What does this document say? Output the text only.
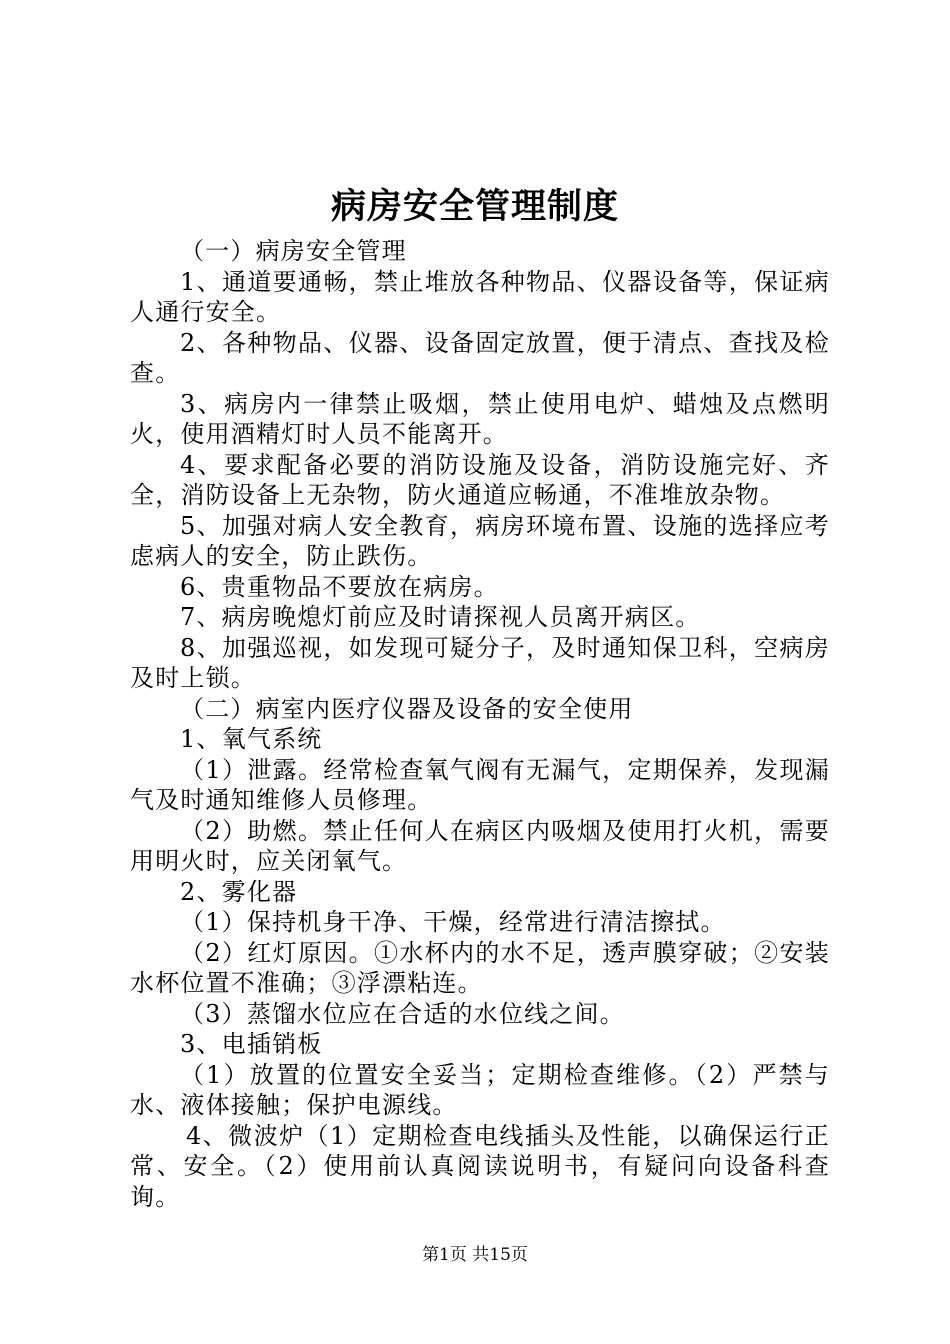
病房安全管理制度

（一）病房安全管理

1、通道要通畅，禁止堆放各种物品、仪器设备等，保证病人通行安全。

2、各种物品、仪器、设备固定放置，便于清点、查找及检查。

3、病房内一律禁止吸烟，禁止使用电炉、蜡烛及点燃明火，使用酒精灯时人员不能离开。

4、要求配备必要的消防设施及设备，消防设施完好、齐全，消防设备上无杂物，防火通道应畅通，不准堆放杂物。

5、加强对病人安全教育，病房环境布置、设施的选择应考虑病人的安全，防止跌伤。

6、贵重物品不要放在病房。

7、病房晚熄灯前应及时请探视人员离开病区。

8、加强巡视，如发现可疑分子，及时通知保卫科，空病房及时上锁。

（二）病室内医疗仪器及设备的安全使用

1、氧气系统

（1）泄露。经常检查氧气阀有无漏气，定期保养，发现漏气及时通知维修人员修理。

（2）助燃。禁止任何人在病区内吸烟及使用打火机，需要用明火时，应关闭氧气。

2、雾化器

（1）保持机身干净、干燥，经常进行清洁擦拭。

（2）红灯原因。①水杯内的水不足，透声膜穿破；②安装水杯位置不准确；③浮漂粘连。

（3）蒸馏水位应在合适的水位线之间。

3、电插销板

（1）放置的位置安全妥当；定期检查维修。（2）严禁与水、液体接触；保护电源线。

4、微波炉（1）定期检查电线插头及性能，以确保运行正常、安全。（2）使用前认真阅读说明书，有疑问向设备科查询。

第1页 共15页
